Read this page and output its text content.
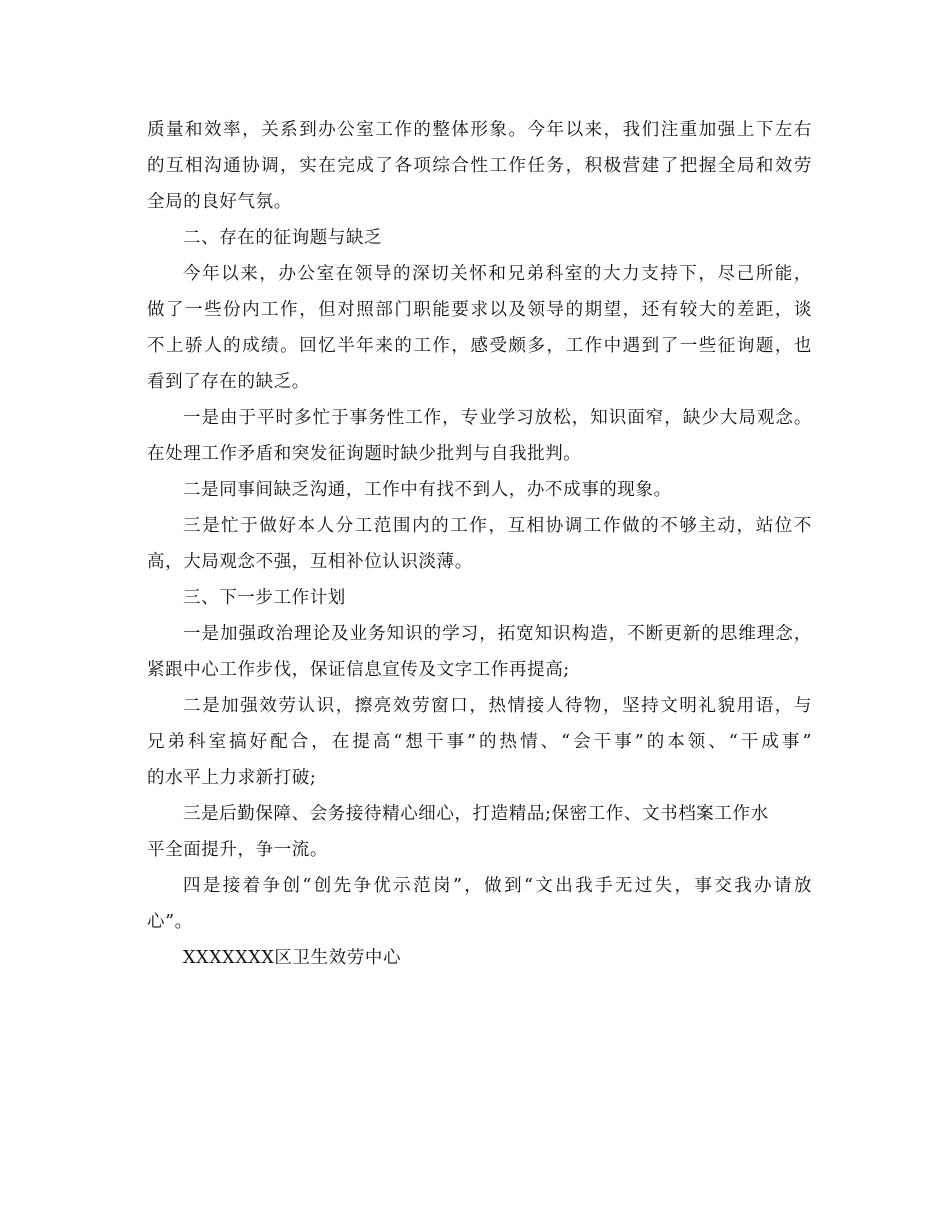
质量和效率，关系到办公室工作的整体形象。今年以来，我们注重加强上下左右
的互相沟通协调，实在完成了各项综合性工作任务，积极营建了把握全局和效劳
全局的良好气氛。
二、存在的征询题与缺乏
今年以来，办公室在领导的深切关怀和兄弟科室的大力支持下，尽己所能，
做了一些份内工作，但对照部门职能要求以及领导的期望，还有较大的差距，谈
不上骄人的成绩。回忆半年来的工作，感受颇多，工作中遇到了一些征询题，也
看到了存在的缺乏。
一是由于平时多忙于事务性工作，专业学习放松，知识面窄，缺少大局观念。
在处理工作矛盾和突发征询题时缺少批判与自我批判。
二是同事间缺乏沟通，工作中有找不到人，办不成事的现象。
三是忙于做好本人分工范围内的工作，互相协调工作做的不够主动，站位不
高，大局观念不强，互相补位认识淡薄。
三、下一步工作计划
一是加强政治理论及业务知识的学习，拓宽知识构造，不断更新的思维理念，
紧跟中心工作步伐，保证信息宣传及文字工作再提高;
二是加强效劳认识，擦亮效劳窗口，热情接人待物，坚持文明礼貌用语，与
兄弟科室搞好配合，在提高“想干事”的热情、“会干事”的本领、“干成事”
的水平上力求新打破;
三是后勤保障、会务接待精心细心，打造精品;保密工作、文书档案工作水
平全面提升，争一流。
四是接着争创“创先争优示范岗”，做到“文出我手无过失，事交我办请放
心”。
XXXXXXX区卫生效劳中心
